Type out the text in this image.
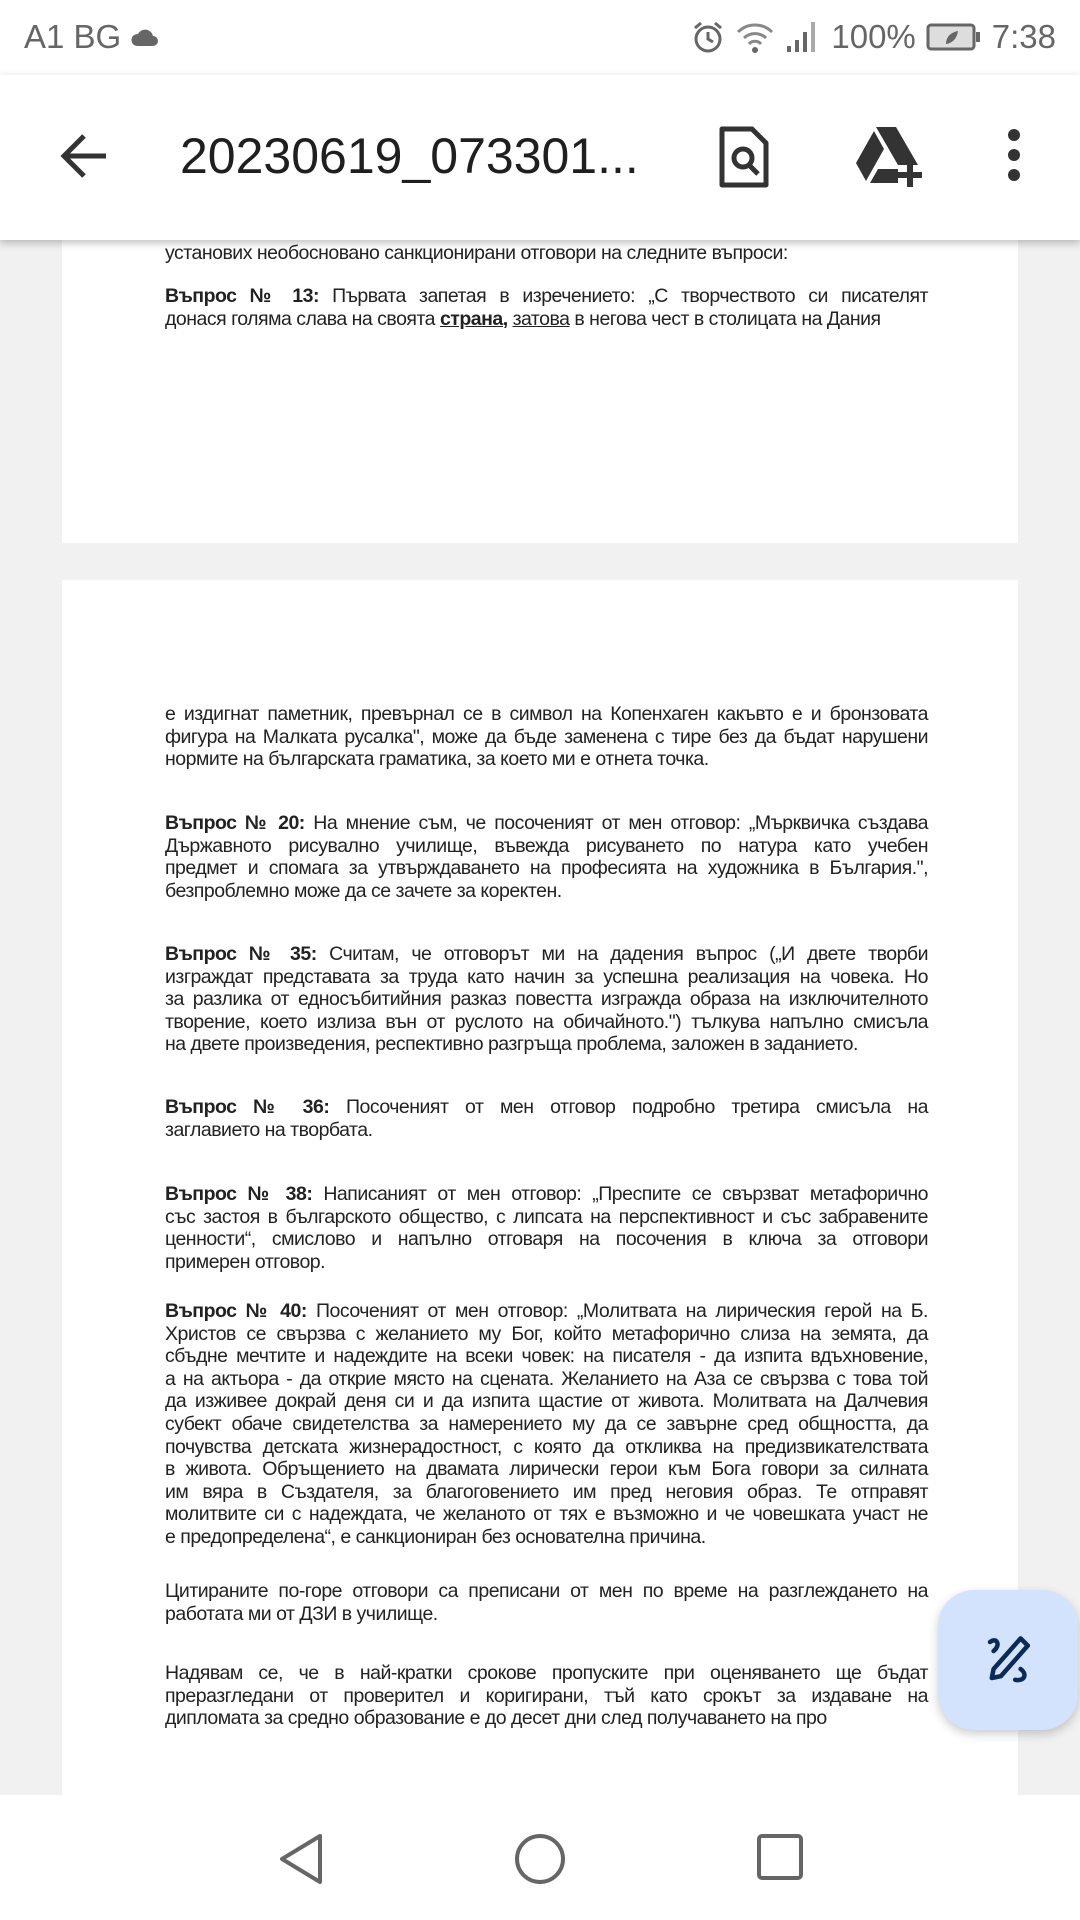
A1 BG	100% 7:38
20230619_073301...
установих необосновано санкционирани отговори на следните въпроси:
Въпрос № 13: Първата запетая в изречението: „С творчеството си писателят
донася голяма слава на своята страна, затова в негова чест в столицата на Дания
е издигнат паметник, превърнал се в символ на Копенхаген какъвто е и бронзовата
фигура на Малката русалка", може да бъде заменена с тире без да бъдат нарушени
нормите на българската граматика, за което ми е отнета точка.
Въпрос № 20: На мнение съм, че посоченият от мен отговор: „Мърквичка създава
Държавното рисувално училище, въвежда рисуването по натура като учебен
предмет и спомага за утвърждаването на професията на художника в България.",
безпроблемно може да се зачете за коректен.
Въпрос № 35: Считам, че отговорът ми на дадения въпрос („И двете творби
изграждат представата за труда като начин за успешна реализация на човека. Но
за разлика от едносъбитийния разказ повестта изгражда образа на изключителното
творение, което излиза вън от руслото на обичайното.") тълкува напълно смисъла
на двете произведения, респективно разгръща проблема, заложен в заданието.
Въпрос № 36: Посоченият от мен отговор подробно третира смисъла на
заглавието на творбата.
Въпрос № 38: Написаният от мен отговор: „Преспите се свързват метафорично
със застоя в българското общество, с липсата на перспективност и със забравените
ценности“, смислово и напълно отговаря на посочения в ключа за отговори
примерен отговор.
Въпрос № 40: Посоченият от мен отговор: „Молитвата на лирическия герой на Б.
Христов се свързва с желанието му Бог, който метафорично слиза на земята, да
сбъдне мечтите и надеждите на всеки човек: на писателя - да изпита вдъхновение,
а на актьора - да открие място на сцената. Желанието на Аза се свързва с това той
да изживее докрай деня си и да изпита щастие от живота. Молитвата на Далчевия
субект обаче свидетелства за намерението му да се завърне сред общността, да
почувства детската жизнерадостност, с която да откликва на предизвикателствата
в живота. Обръщението на двамата лирически герои към Бога говори за силната
им вяра в Създателя, за благоговението им пред неговия образ. Те отправят
молитвите си с надеждата, че желаното от тях е възможно и че човешката участ не
е предопределена“, е санкциониран без основателна причина.
Цитираните по-горе отговори са преписани от мен по време на разглеждането на
работата ми от ДЗИ в училище.
Надявам се, че в най-кратки срокове пропуските при оценяването ще бъдат
преразгледани от проверител и коригирани, тъй като срокът за издаване на
дипломата за средно образование е до десет дни след получаването на про
